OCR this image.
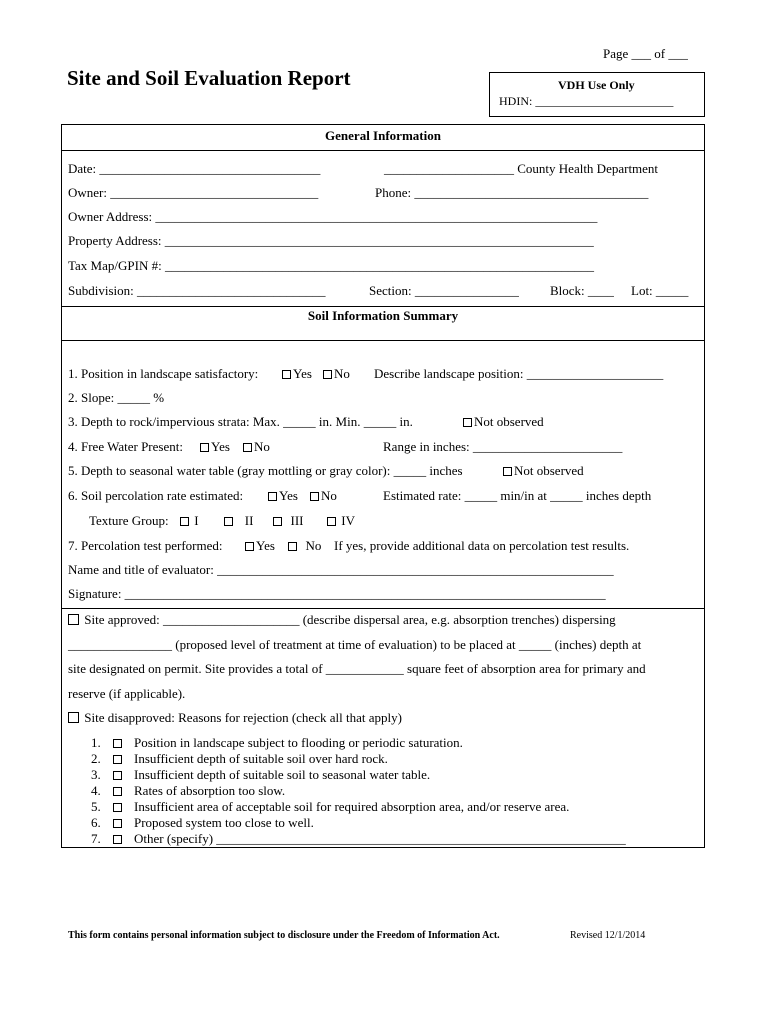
Page ___ of ___
Site and Soil Evaluation Report	VDH Use Only
HDIN: _______________________
General Information
Date: __________________________________	____________________ County Health Department
Owner: ________________________________	Phone: ____________________________________
Owner Address: ____________________________________________________________________
Property Address: __________________________________________________________________
Tax Map/GPIN #: __________________________________________________________________
Subdivision: _____________________________	Section: ________________ Block: ____ Lot: _____
Soil Information Summary
1. Position in landscape satisfactory:	Yes	No Describe landscape position: _____________________
2. Slope: _____ %
3. Depth to rock/impervious strata: Max. _____ in. Min. _____ in.	Not observed
4. Free Water Present:	Yes	No	Range in inches: _______________________
5. Depth to seasonal water table (gray mottling or gray color): _____ inches	Not observed
6. Soil percolation rate estimated:	Yes	No	Estimated rate: _____ min/in at _____ inches depth
Texture Group:	I	II	III	IV
7. Percolation test performed:	Yes	No If yes, provide additional data on percolation test results.
Name and title of evaluator: _____________________________________________________________
Signature: __________________________________________________________________________
Site approved: _____________________ (describe dispersal area, e.g. absorption trenches) dispersing
________________ (proposed level of treatment at time of evaluation) to be placed at _____ (inches) depth at
site designated on permit. Site provides a total of ____________ square feet of absorption area for primary and
reserve (if applicable).
Site disapproved: Reasons for rejection (check all that apply)
1.	Position in landscape subject to flooding or periodic saturation.
2.	Insufficient depth of suitable soil over hard rock.
3.	Insufficient depth of suitable soil to seasonal water table.
4.	Rates of absorption too slow.
5.	Insufficient area of acceptable soil for required absorption area, and/or reserve area.
6.	Proposed system too close to well.
7.	Other (specify) _______________________________________________________________
This form contains personal information subject to disclosure under the Freedom of Information Act.	Revised 12/1/2014
